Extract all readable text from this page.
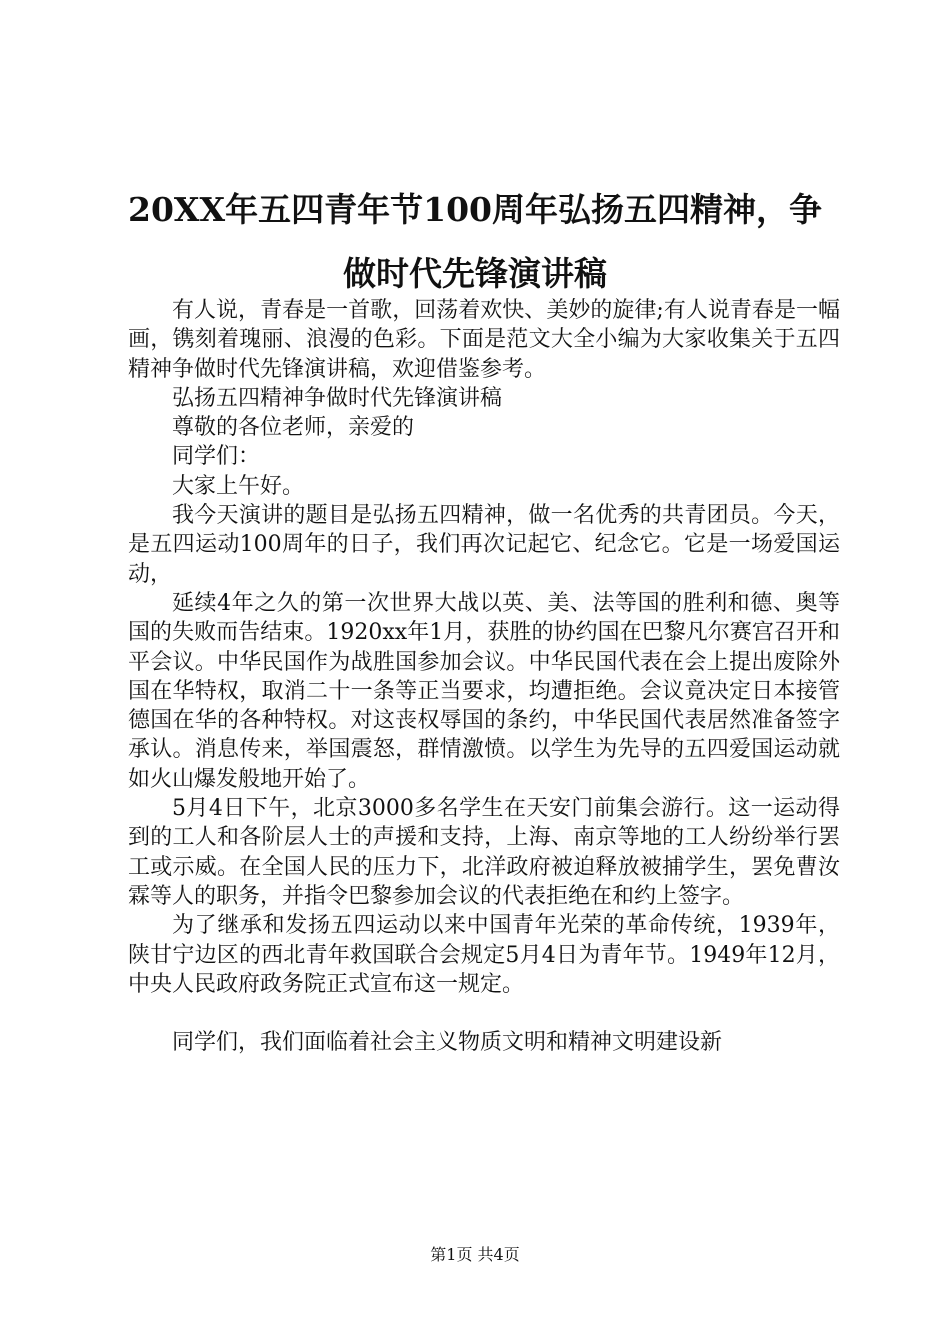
20XX年五四青年节100周年弘扬五四精神，争
做时代先锋演讲稿

有人说，青春是一首歌，回荡着欢快、美妙的旋律;有人说青春是一幅画，镌刻着瑰丽、浪漫的色彩。下面是范文大全小编为大家收集关于五四精神争做时代先锋演讲稿，欢迎借鉴参考。

弘扬五四精神争做时代先锋演讲稿

尊敬的各位老师，亲爱的

同学们：

大家上午好。

我今天演讲的题目是弘扬五四精神，做一名优秀的共青团员。今天，是五四运动100周年的日子，我们再次记起它、纪念它。它是一场爱国运动，

延续4年之久的第一次世界大战以英、美、法等国的胜利和德、奥等国的失败而告结束。1920xx年1月，获胜的协约国在巴黎凡尔赛宫召开和平会议。中华民国作为战胜国参加会议。中华民国代表在会上提出废除外国在华特权，取消二十一条等正当要求，均遭拒绝。会议竟决定日本接管德国在华的各种特权。对这丧权辱国的条约，中华民国代表居然准备签字承认。消息传来，举国震怒，群情激愤。以学生为先导的五四爱国运动就如火山爆发般地开始了。

5月4日下午，北京3000多名学生在天安门前集会游行。这一运动得到的工人和各阶层人士的声援和支持，上海、南京等地的工人纷纷举行罢工或示威。在全国人民的压力下，北洋政府被迫释放被捕学生，罢免曹汝霖等人的职务，并指令巴黎参加会议的代表拒绝在和约上签字。

为了继承和发扬五四运动以来中国青年光荣的革命传统，1939年，陕甘宁边区的西北青年救国联合会规定5月4日为青年节。1949年12月，中央人民政府政务院正式宣布这一规定。

同学们，我们面临着社会主义物质文明和精神文明建设新

第1页 共4页
